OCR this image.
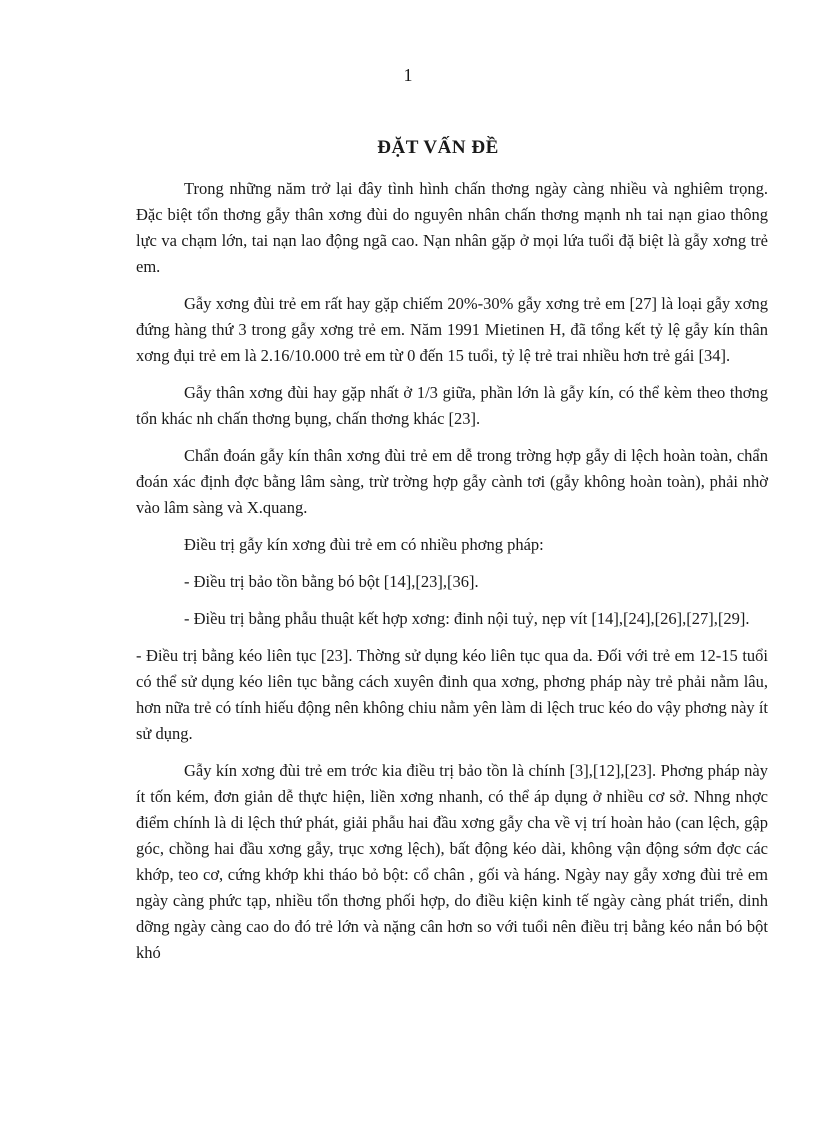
1
ĐẶT VẤN ĐỀ

Trong những năm trở lại đây tình hình chấn thơng ngày càng nhiều và nghiêm trọng. Đặc biệt tổn thơng gẫy thân xơng đùi do nguyên nhân chấn thơng mạnh nh tai nạn giao thông lực va chạm lớn, tai nạn lao động ngã cao. Nạn nhân gặp ở mọi lứa tuổi đặ biệt là gẫy xơng trẻ em.

Gẫy xơng đùi trẻ em rất hay gặp chiếm 20%-30% gẫy xơng trẻ em [27] là loại gẫy xơng đứng hàng thứ 3 trong gẫy xơng trẻ em. Năm 1991 Mietinen H, đã tổng kết tỷ lệ gẫy kín thân xơng đụi trẻ em là 2.16/10.000 trẻ em từ 0 đến 15 tuổi, tỷ lệ trẻ trai nhiều hơn trẻ gái [34].

Gẫy thân xơng đùi hay gặp nhất ở 1/3 giữa, phần lớn là gẫy kín, có thể kèm theo thơng tổn khác nh chấn thơng bụng, chấn thơng khác [23].

Chẩn đoán gẫy kín thân xơng đùi trẻ em dễ trong trờng hợp gẫy di lệch hoàn toàn, chẩn đoán xác định đợc bằng lâm sàng, trừ trờng hợp gẫy cành tơi (gẫy không hoàn toàn), phải nhờ vào lâm sàng và X.quang.

Điều trị gẫy kín xơng đùi trẻ em có nhiều phơng pháp:

- Điều trị bảo tồn bằng bó bột [14],[23],[36].

- Điều trị bằng phẫu thuật kết hợp xơng: đinh nội tuỷ, nẹp vít [14],[24],[26],[27],[29].

- Điều trị bằng kéo liên tục [23]. Thờng sử dụng kéo liên tục qua da. Đối với trẻ em 12-15 tuổi có thể sử dụng kéo liên tục bằng cách xuyên đinh qua xơng, phơng pháp này trẻ phải nằm lâu, hơn nữa trẻ có tính hiếu động nên không chiu nằm yên làm di lệch truc kéo do vậy phơng này ít sử dụng.

Gẫy kín xơng đùi trẻ em trớc kia điều trị bảo tồn là chính [3],[12],[23]. Phơng pháp này ít tốn kém, đơn giản dễ thực hiện, liền xơng nhanh, có thể áp dụng ở nhiều cơ sở. Nhng nhợc điểm chính là di lệch thứ phát, giải phẫu hai đầu xơng gẫy cha về vị trí hoàn hảo (can lệch, gập góc, chồng hai đầu xơng gẫy, trục xơng lệch), bất động kéo dài, không vận động sớm đợc các khớp, teo cơ, cứng khớp khi tháo bỏ bột: cổ chân , gối và háng. Ngày nay gẫy xơng đùi trẻ em ngày càng phức tạp, nhiều tổn thơng phối hợp, do điều kiện kinh tế ngày càng phát triển, dinh dỡng ngày càng cao do đó trẻ lớn và nặng cân hơn so với tuổi nên điều trị bằng kéo nắn bó bột khó
